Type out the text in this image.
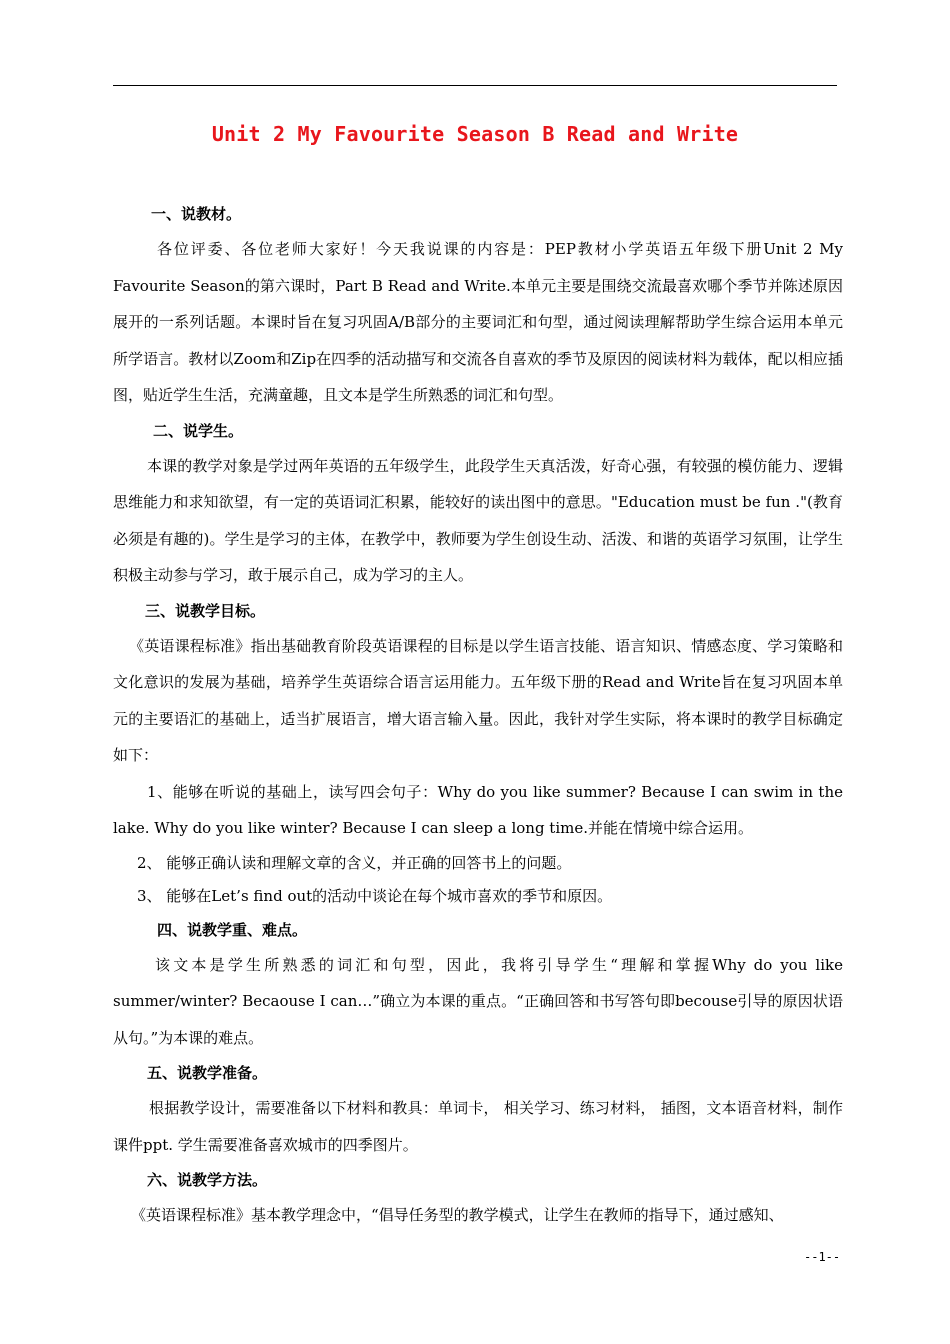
Unit 2 My Favourite Season B Read and Write
一、说教材。

各位评委、各位老师大家好！今天我说课的内容是：PEP教材小学英语五年级下册Unit 2 My Favourite Season的第六课时，Part B Read and Write.本单元主要是围绕交流最喜欢哪个季节并陈述原因展开的一系列话题。本课时旨在复习巩固A/B部分的主要词汇和句型，通过阅读理解帮助学生综合运用本单元所学语言。教材以Zoom和Zip在四季的活动描写和交流各自喜欢的季节及原因的阅读材料为载体，配以相应插图，贴近学生生活，充满童趣，且文本是学生所熟悉的词汇和句型。

二、说学生。

本课的教学对象是学过两年英语的五年级学生，此段学生天真活泼，好奇心强，有较强的模仿能力、逻辑思维能力和求知欲望，有一定的英语词汇积累，能较好的读出图中的意思。"Education must be fun ."(教育必须是有趣的)。学生是学习的主体，在教学中，教师要为学生创设生动、活泼、和谐的英语学习氛围，让学生积极主动参与学习，敢于展示自己，成为学习的主人。

三、说教学目标。

《英语课程标准》指出基础教育阶段英语课程的目标是以学生语言技能、语言知识、情感态度、学习策略和文化意识的发展为基础，培养学生英语综合语言运用能力。五年级下册的Read and Write旨在复习巩固本单元的主要语汇的基础上，适当扩展语言，增大语言输入量。因此，我针对学生实际，将本课时的教学目标确定如下：

1、能够在听说的基础上，读写四会句子：Why do you like summer? Because I can swim in the lake. Why do you like winter? Because I can sleep a long time.并能在情境中综合运用。
2、 能够正确认读和理解文章的含义，并正确的回答书上的问题。
3、 能够在Let’s find out的活动中谈论在每个城市喜欢的季节和原因。
四、说教学重、难点。

该文本是学生所熟悉的词汇和句型，因此，我将引导学生“理解和掌握Why do you like summer/winter? Becaouse I can…”确立为本课的重点。“正确回答和书写答句即becouse引导的原因状语从句。”为本课的难点。

五、说教学准备。

根据教学设计，需要准备以下材料和教具：单词卡， 相关学习、练习材料， 插图，文本语音材料，制作课件ppt. 学生需要准备喜欢城市的四季图片。

六、说教学方法。

《英语课程标准》基本教学理念中，“倡导任务型的教学模式，让学生在教师的指导下，通过感知、

--1--
